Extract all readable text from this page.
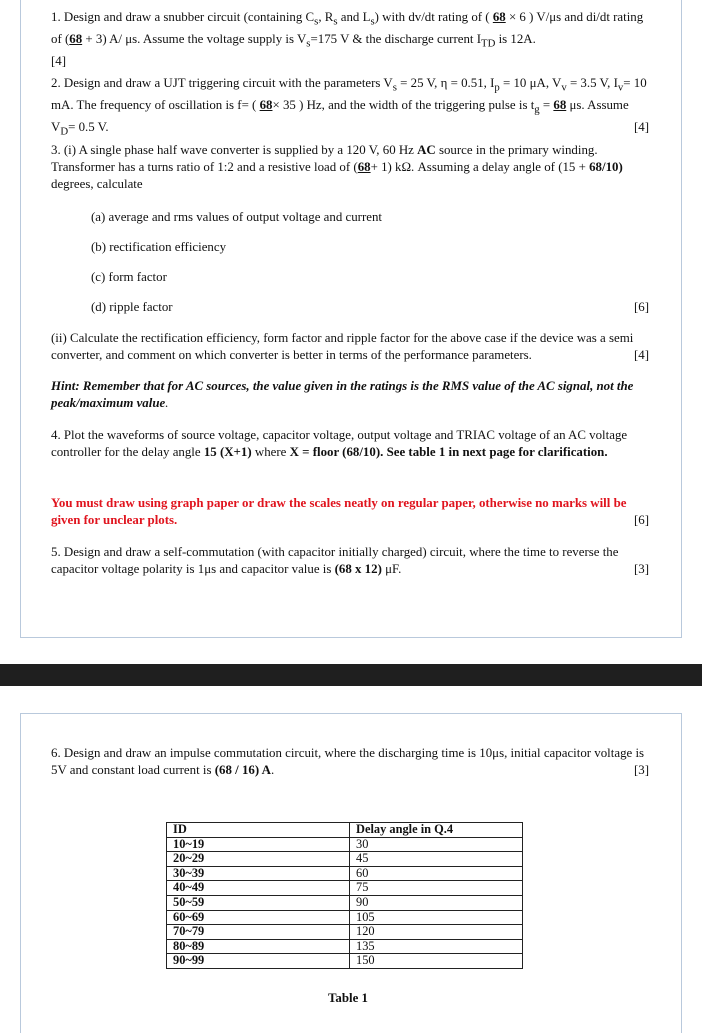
1. Design and draw a snubber circuit (containing $C_s$, $R_s$ and $L_s$) with dv/dt rating of ( 68 × 6 ) V/μs and di/dt rating of (68 + 3) A/ μs. Assume the voltage supply is $V_s=175$ V & the discharge current $I_{TD}$ is 12A.
[4]
2. Design and draw a UJT triggering circuit with the parameters $V_s = 25$ V, η = 0.51, $I_p = 10$ μA, $V_v = 3.5$ V, $I_v= 10$ mA. The frequency of oscillation is f= ( 68× 35 ) Hz, and the width of the triggering pulse is $t_g = 68$ μs. Assume $V_D= 0.5$ V.	[4]
3. (i) A single phase half wave converter is supplied by a 120 V, 60 Hz AC source in the primary winding. Transformer has a turns ratio of 1:2 and a resistive load of (68+ 1) kΩ. Assuming a delay angle of (15 + 68/10) degrees, calculate
(a) average and rms values of output voltage and current
(b) rectification efficiency
(c) form factor
(d) ripple factor	[6]
(ii) Calculate the rectification efficiency, form factor and ripple factor for the above case if the device was a semi converter, and comment on which converter is better in terms of the performance parameters.	[4]
Hint: Remember that for AC sources, the value given in the ratings is the RMS value of the AC signal, not the peak/maximum value.
4. Plot the waveforms of source voltage, capacitor voltage, output voltage and TRIAC voltage of an AC voltage controller for the delay angle 15 (X+1) where X = floor (68/10). See table 1 in next page for clarification.
You must draw using graph paper or draw the scales neatly on regular paper, otherwise no marks will be given for unclear plots.	[6]
5. Design and draw a self-commutation (with capacitor initially charged) circuit, where the time to reverse the capacitor voltage polarity is 1μs and capacitor value is (68 x 12) μF.	[3]
6. Design and draw an impulse commutation circuit, where the discharging time is 10μs, initial capacitor voltage is 5V and constant load current is (68 / 16) A.	[3]
ID	Delay angle in Q.4
10~19	30
20~29	45
30~39	60
40~49	75
50~59	90
60~69	105
70~79	120
80~89	135
90~99	150
Table 1
